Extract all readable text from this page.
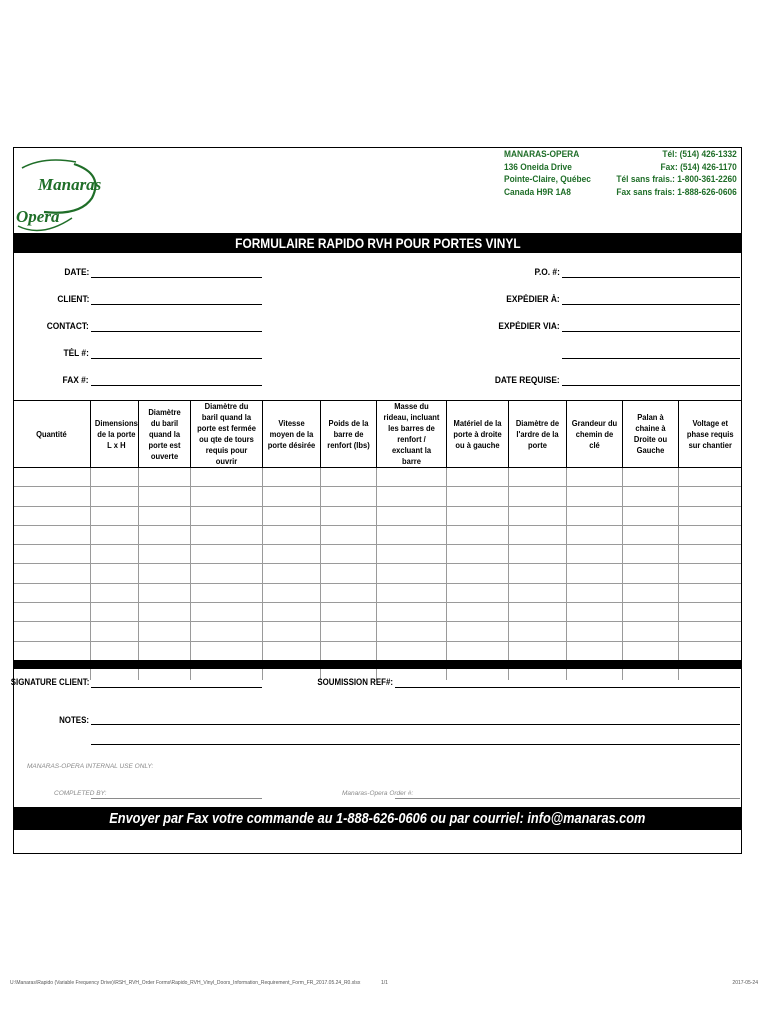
Manaras
Opera
MANARAS-OPERA
136 Oneida Drive
Pointe-Claire, Québec
Canada H9R 1A8
Tél: (514) 426-1332
Fax: (514) 426-1170
Tél sans frais.: 1-800-361-2260
Fax sans frais: 1-888-626-0606
FORMULAIRE RAPIDO RVH POUR PORTES VINYL
DATE:
CLIENT:
CONTACT:
TÉL #:
FAX #:
P.O. #:
EXPÉDIER À:
EXPÉDIER VIA:
DATE REQUISE:
Quantité	Dimensions de la porte L x H	Diamètre du baril quand la porte est ouverte	Diamètre du baril quand la porte est fermée ou qte de tours requis pour ouvrir	Vitesse moyen de la porte désirée	Poids de la barre de renfort (lbs)	Masse du rideau, incluant les barres de renfort / excluant la barre	Matériel de la porte à droite ou à gauche	Diamètre de l'ardre de la porte	Grandeur du chemin de clé	Palan à chaine à Droite ou Gauche	Voltage et phase requis sur chantier

SIGNATURE CLIENT:	SOUMISSION REF#:
NOTES:
MANARAS-OPERA INTERNAL USE ONLY:
COMPLETED BY:	Manaras-Opera Order #:
Envoyer par Fax votre commande au 1-888-626-0606 ou par courriel: info@manaras.com
U:\Manaras\Rapido (Variable Frequency Drive)\RSH_RVH_Order Forms\Rapido_RVH_Vinyl_Doors_Information_Requirement_Form_FR_2017.05.24_R0.xlsx	1/1	2017-05-24
